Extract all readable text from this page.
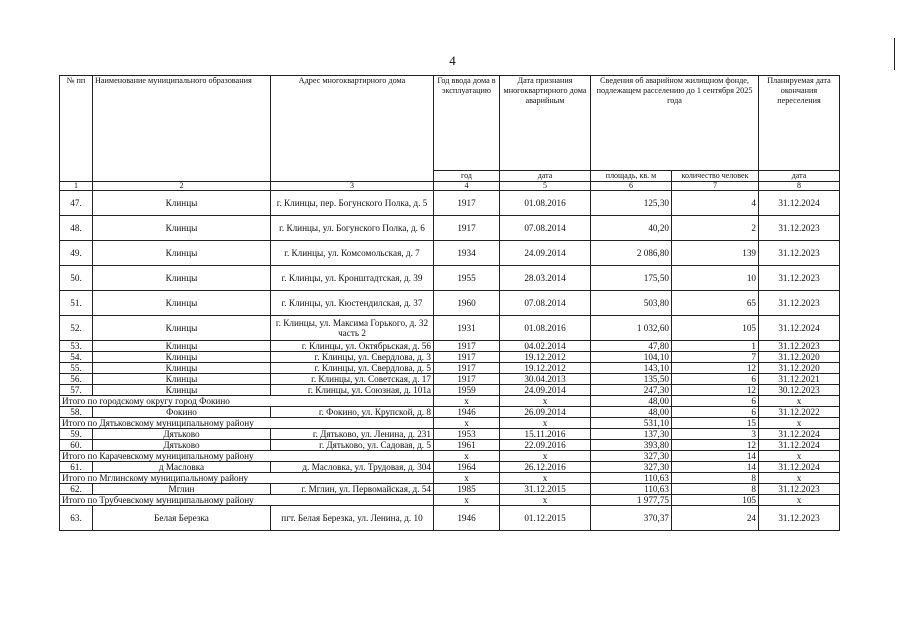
4
№ пп	Наименование муниципального образования	Адрес многоквартирного дома	Год ввода дома в эксплуатацию	Дата признания многоквартирного дома аварийным	Сведения об аварийном жилищном фонде, подлежащем расселению до 1 сентября 2025 года		Планируемая дата окончания переселения
			год	дата	площадь, кв. м	количество человек	дата
1	2	3	4	5	6	7	8
47.	Клинцы	г. Клинцы, пер. Богунского Полка, д. 5	1917	01.08.2016	125,30	4	31.12.2024
48.	Клинцы	г. Клинцы, ул. Богунского Полка, д. 6	1917	07.08.2014	40,20	2	31.12.2023
49.	Клинцы	г. Клинцы, ул. Комсомольская, д. 7	1934	24.09.2014	2 086,80	139	31.12.2023
50.	Клинцы	г. Клинцы, ул. Кронштадтская, д. 39	1955	28.03.2014	175,50	10	31.12.2023
51.	Клинцы	г. Клинцы, ул. Кюстендилская, д. 37	1960	07.08.2014	503,80	65	31.12.2023
52.	Клинцы	г. Клинцы, ул. Максима Горького, д. 32 часть 2	1931	01.08.2016	1 032,60	105	31.12.2024
53.	Клинцы	г. Клинцы, ул. Октябрьская, д. 56	1917	04.02.2014	47,80	1	31.12.2023
54.	Клинцы	г. Клинцы, ул. Свердлова, д. 3	1917	19.12.2012	104,10	7	31.12.2020
55.	Клинцы	г. Клинцы, ул. Свердлова, д. 5	1917	19.12.2012	143,10	12	31.12.2020
56.	Клинцы	г. Клинцы, ул. Советская, д. 17	1917	30.04.2013	135,50	6	31.12.2021
57.	Клинцы	г. Клинцы, ул. Союзная, д. 101а	1959	24.09.2014	247,30	12	30.12.2023
Итого по городскому округу город Фокино			х	х	48,00	6	х
58.	Фокино	г. Фокино, ул. Крупской, д. 8	1946	26.09.2014	48,00	6	31.12.2022
Итого по Дятьковскому муниципальному району			х	х	531,10	15	х
59.	Дятьково	г. Дятьково, ул. Ленина, д. 231	1953	15.11.2016	137,30	3	31.12.2024
60.	Дятьково	г. Дятьково, ул. Садовая, д. 5	1961	22.09.2016	393,80	12	31.12.2024
Итого по Карачевскому муниципальному району			х	х	327,30	14	х
61.	д Масловка	д. Масловка, ул. Трудовая, д. 304	1964	26.12.2016	327,30	14	31.12.2024
Итого по Мглинскому муниципальному району			х	х	110,63	8	х
62.	Мглин	г. Мглин, ул. Первомайская, д. 54	1985	31.12.2015	110,63	8	31.12.2023
Итого по Трубчевскому муниципальному району			х	х	1 977,75	105	х
63.	Белая Березка	пгт. Белая Березка, ул. Ленина, д. 10	1946	01.12.2015	370,37	24	31.12.2023
